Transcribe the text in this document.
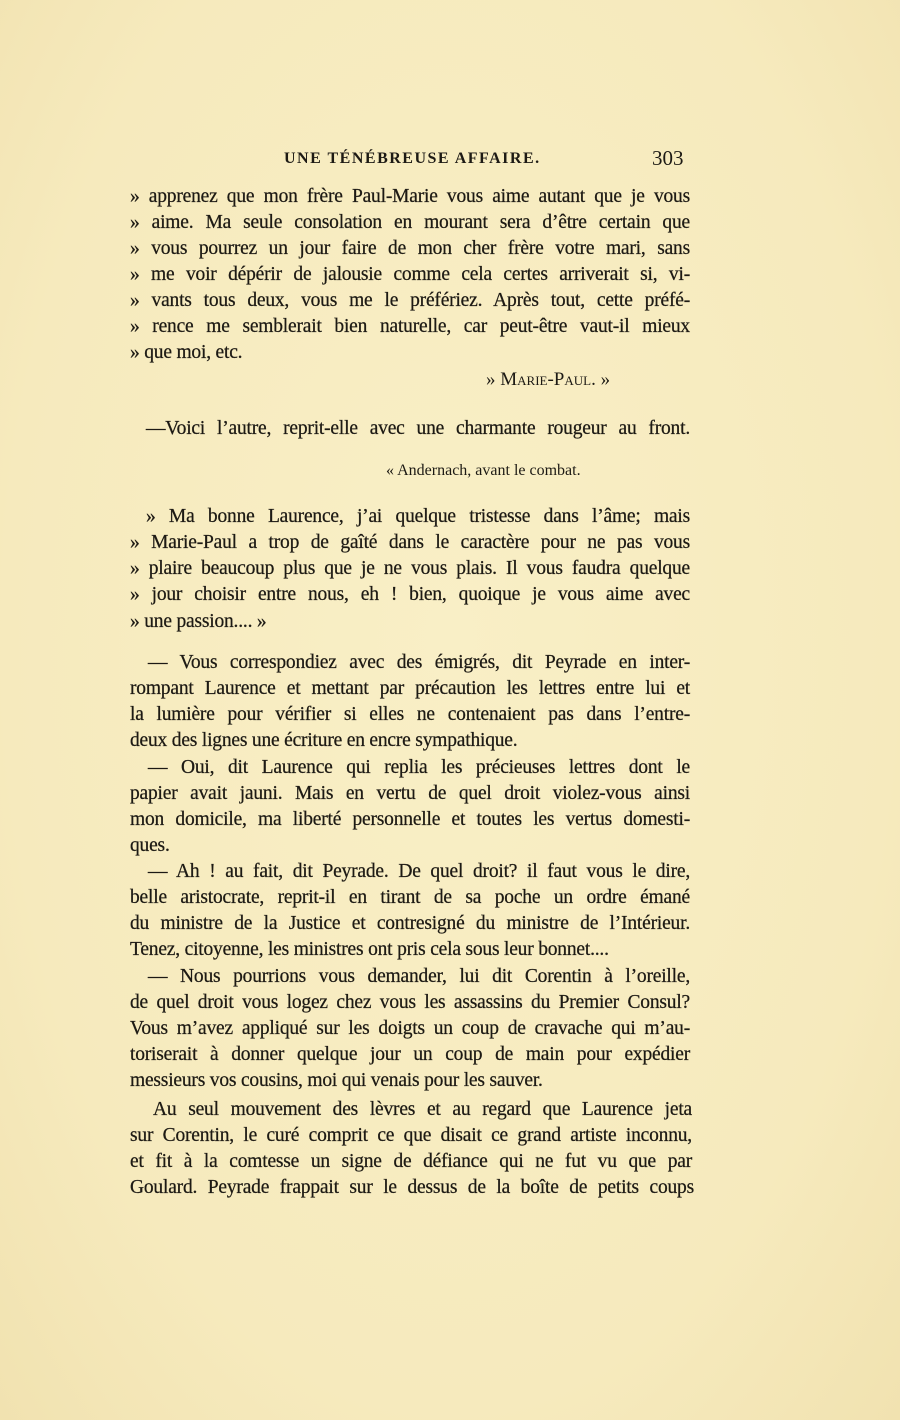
UNE TÉNÉBREUSE AFFAIRE.	303
» apprenez que mon frère Paul-Marie vous aime autant que je vous
» aime. Ma seule consolation en mourant sera d’être certain que
» vous pourrez un jour faire de mon cher frère votre mari, sans
» me voir dépérir de jalousie comme cela certes arriverait si, vi-
» vants tous deux, vous me le préfériez. Après tout, cette préfé-
» rence me semblerait bien naturelle, car peut-être vaut-il mieux
» que moi, etc.
» Marie-Paul. »
—Voici l’autre, reprit-elle avec une charmante rougeur au front.
« Andernach, avant le combat.
» Ma bonne Laurence, j’ai quelque tristesse dans l’âme; mais
» Marie-Paul a trop de gaîté dans le caractère pour ne pas vous
» plaire beaucoup plus que je ne vous plais. Il vous faudra quelque
» jour choisir entre nous, eh ! bien, quoique je vous aime avec
» une passion.... »
— Vous correspondiez avec des émigrés, dit Peyrade en inter-
rompant Laurence et mettant par précaution les lettres entre lui et
la lumière pour vérifier si elles ne contenaient pas dans l’entre-
deux des lignes une écriture en encre sympathique.
— Oui, dit Laurence qui replia les précieuses lettres dont le
papier avait jauni. Mais en vertu de quel droit violez-vous ainsi
mon domicile, ma liberté personnelle et toutes les vertus domesti-
ques.
— Ah ! au fait, dit Peyrade. De quel droit? il faut vous le dire,
belle aristocrate, reprit-il en tirant de sa poche un ordre émané
du ministre de la Justice et contresigné du ministre de l’Intérieur.
Tenez, citoyenne, les ministres ont pris cela sous leur bonnet....
— Nous pourrions vous demander, lui dit Corentin à l’oreille,
de quel droit vous logez chez vous les assassins du Premier Consul?
Vous m’avez appliqué sur les doigts un coup de cravache qui m’au-
toriserait à donner quelque jour un coup de main pour expédier
messieurs vos cousins, moi qui venais pour les sauver.
Au seul mouvement des lèvres et au regard que Laurence jeta
sur Corentin, le curé comprit ce que disait ce grand artiste inconnu,
et fit à la comtesse un signe de défiance qui ne fut vu que par
Goulard. Peyrade frappait sur le dessus de la boîte de petits coups
